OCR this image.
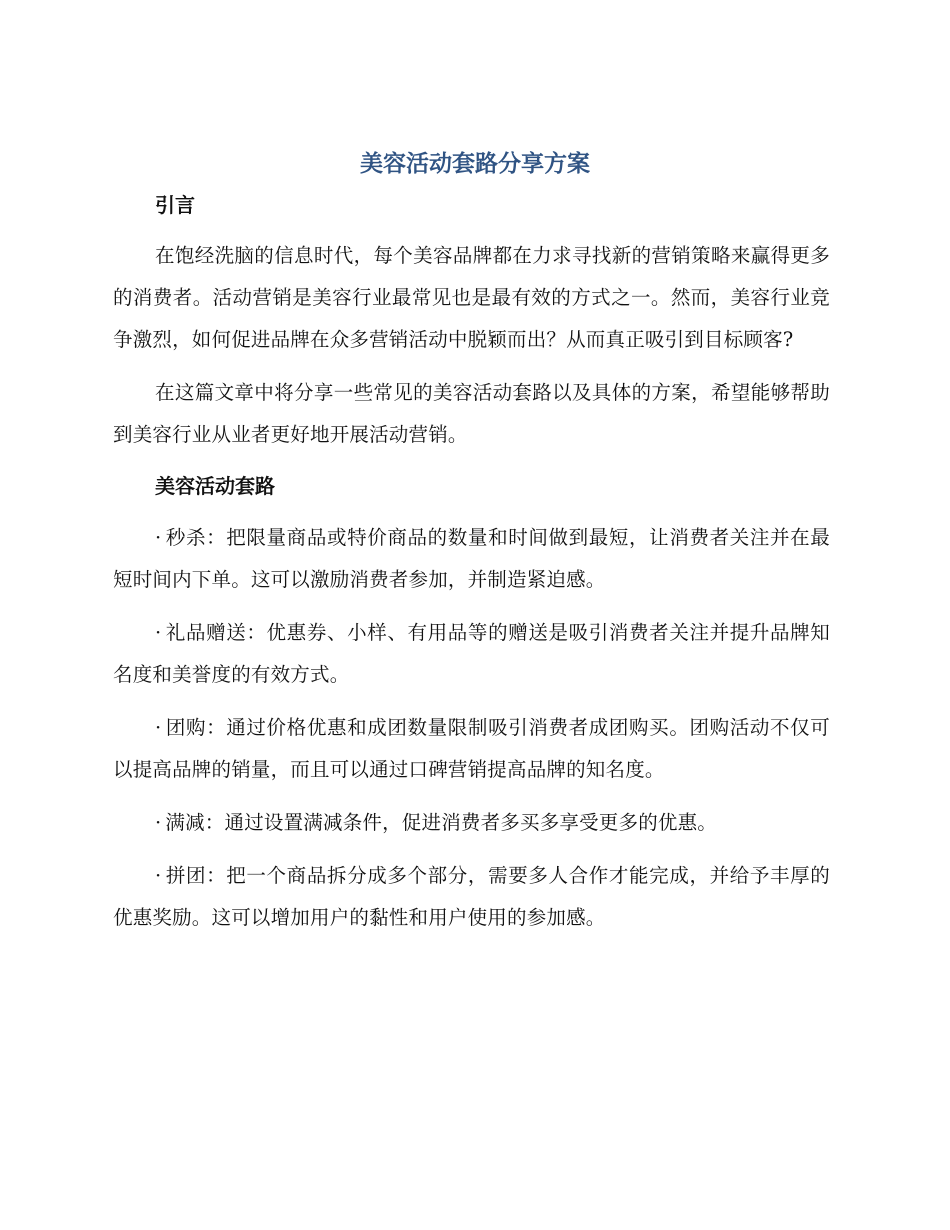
美容活动套路分享方案
引言

在饱经洗脑的信息时代，每个美容品牌都在力求寻找新的营销策略来赢得更多的消费者。活动营销是美容行业最常见也是最有效的方式之一。然而，美容行业竞争激烈，如何促进品牌在众多营销活动中脱颖而出？从而真正吸引到目标顾客?

在这篇文章中将分享一些常见的美容活动套路以及具体的方案，希望能够帮助到美容行业从业者更好地开展活动营销。

美容活动套路

· 秒杀：把限量商品或特价商品的数量和时间做到最短，让消费者关注并在最短时间内下单。这可以激励消费者参加，并制造紧迫感。

· 礼品赠送：优惠券、小样、有用品等的赠送是吸引消费者关注并提升品牌知名度和美誉度的有效方式。

· 团购：通过价格优惠和成团数量限制吸引消费者成团购买。团购活动不仅可以提高品牌的销量，而且可以通过口碑营销提高品牌的知名度。

· 满减：通过设置满减条件，促进消费者多买多享受更多的优惠。

· 拼团：把一个商品拆分成多个部分，需要多人合作才能完成，并给予丰厚的优惠奖励。这可以增加用户的黏性和用户使用的参加感。
